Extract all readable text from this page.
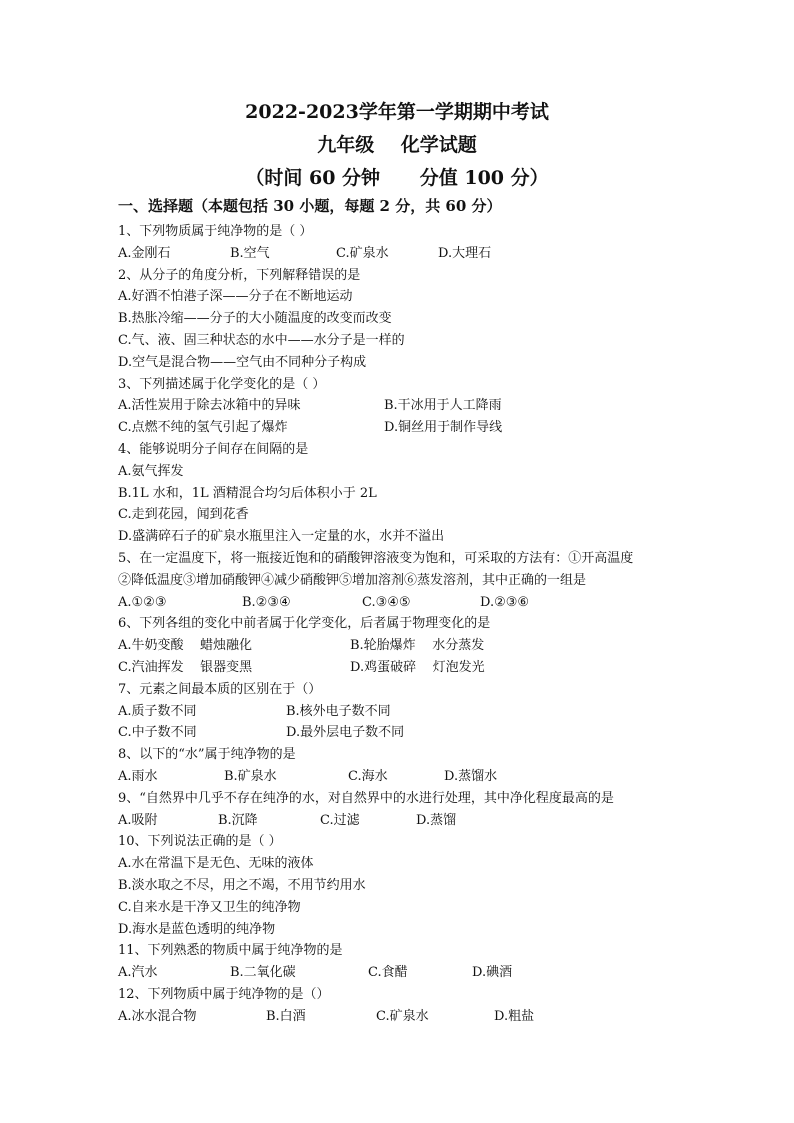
2022-2023学年第一学期期中考试
九年级    化学试题
（时间 60 分钟      分值 100 分）
一、选择题（本题包括 30 小题，每题 2 分，共 60 分）
1、下列物质属于纯净物的是（ ）
A.金刚石	B.空气	C.矿泉水	D.大理石
2、从分子的角度分析，下列解释错误的是
A.好酒不怕港子深——分子在不断地运动
B.热胀冷缩——分子的大小随温度的改变而改变
C.气、液、固三种状态的水中——水分子是一样的
D.空气是混合物——空气由不同种分子构成
3、下列描述属于化学变化的是（ ）
A.活性炭用于除去冰箱中的异味	B.干冰用于人工降雨
C.点燃不纯的氢气引起了爆炸	D.铜丝用于制作导线
4、能够说明分子间存在间隔的是
A.氨气挥发
B.1L 水和，1L 酒精混合均匀后体积小于 2L
C.走到花园，闻到花香
D.盛满碎石子的矿泉水瓶里注入一定量的水，水并不溢出
5、在一定温度下，将一瓶接近饱和的硝酸钾溶液变为饱和，可采取的方法有：①开高温度
②降低温度③增加硝酸钾④减少硝酸钾⑤增加溶剂⑥蒸发溶剂，其中正确的一组是
A.①②③	B.②③④	C.③④⑤	D.②③⑥
6、下列各组的变化中前者属于化学变化，后者属于物理变化的是
A.牛奶变酸    蜡烛融化	B.轮胎爆炸    水分蒸发
C.汽油挥发    银器变黑	D.鸡蛋破碎    灯泡发光
7、元素之间最本质的区别在于（）
A.质子数不同	B.核外电子数不同
C.中子数不同	D.最外层电子数不同
8、以下的“水”属于纯净物的是
A.雨水	B.矿泉水	C.海水	D.蒸馏水
9、“自然界中几乎不存在纯净的水，对自然界中的水进行处理，其中净化程度最高的是
A.吸附	B.沉降	C.过滤	D.蒸馏
10、下列说法正确的是（ ）
A.水在常温下是无色、无味的液体
B.淡水取之不尽，用之不竭，不用节约用水
C.自来水是干净又卫生的纯净物
D.海水是蓝色透明的纯净物
11、下列熟悉的物质中属于纯净物的是
A.汽水	B.二氧化碳	C.食醋	D.碘酒
12、下列物质中属于纯净物的是（）
A.冰水混合物	B.白酒	C.矿泉水	D.粗盐
